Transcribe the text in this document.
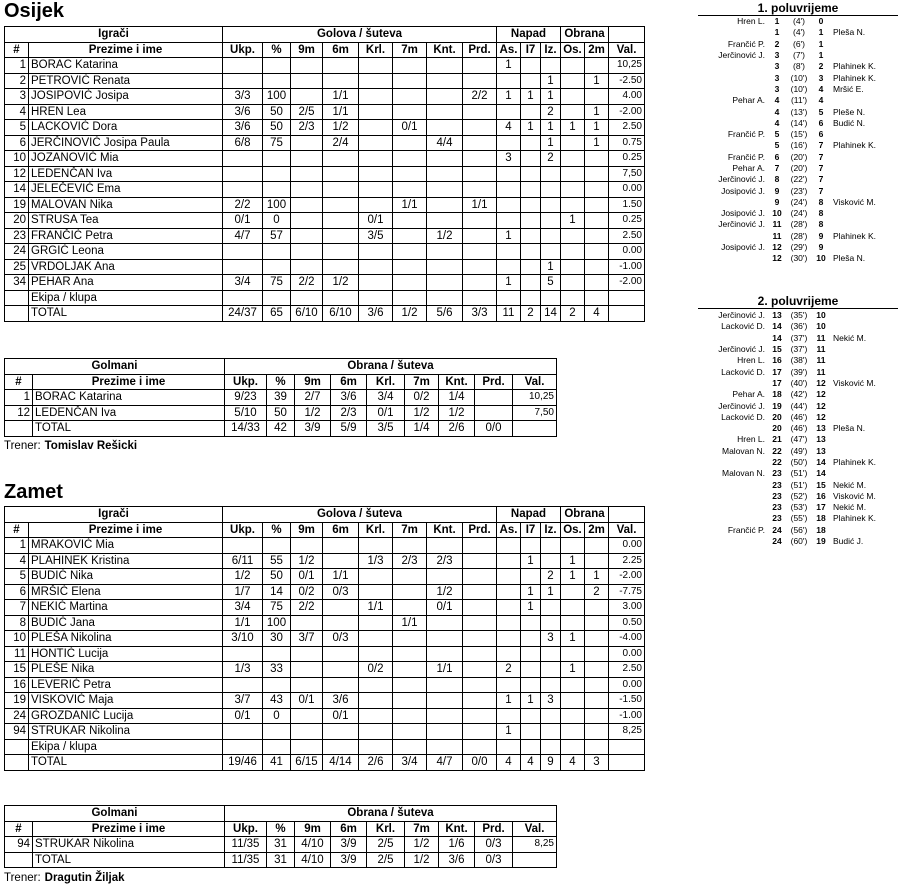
Osijek
Igrači		Golova / šuteva								Napad			Obrana		
#	Prezime i ime	Ukp.	%	9m	6m	Krl.	7m	Knt.	Prd.	As.	I7	Iz.	Os.	2m	Val.
1	BORAC Katarina									1					10,25
2	PETROVIĆ Renata											1		1	-2.50
3	JOSIPOVIĆ Josipa	3/3	100		1/1				2/2	1	1	1			4.00
4	HREN Lea	3/6	50	2/5	1/1							2		1	-2.00
5	LACKOVIĆ Dora	3/6	50	2/3	1/2		0/1			4	1	1	1	1	2.50
6	JERČINOVIĆ Josipa Paula	6/8	75		2/4			4/4				1		1	0.75
10	JOZANOVIĆ Mia									3		2			0.25
12	LEDENČAN Iva														7,50
14	JELEČEVIĆ Ema														0.00
19	MALOVAN Nika	2/2	100				1/1		1/1						1.50
20	STRUSA Tea	0/1	0			0/1							1		0.25
23	FRANČIĆ Petra	4/7	57			3/5		1/2		1					2.50
24	GRGIĆ Leona														0.00
25	VRDOLJAK Ana											1			-1.00
34	PEHAR Ana	3/4	75	2/2	1/2					1		5			-2.00
	Ekipa / klupa														
	TOTAL	24/37	65	6/10	6/10	3/6	1/2	5/6	3/3	11	2	14	2	4	
Golmani		Obrana / šuteva								
#	Prezime i ime	Ukp.	%	9m	6m	Krl.	7m	Knt.	Prd.	Val.
1	BORAC Katarina	9/23	39	2/7	3/6	3/4	0/2	1/4		10,25
12	LEDENČAN Iva	5/10	50	1/2	2/3	0/1	1/2	1/2		7,50
	TOTAL	14/33	42	3/9	5/9	3/5	1/4	2/6	0/0	
Trener: Tomislav Rešicki
Zamet
Igrači		Golova / šuteva								Napad			Obrana		
#	Prezime i ime	Ukp.	%	9m	6m	Krl.	7m	Knt.	Prd.	As.	I7	Iz.	Os.	2m	Val.
1	MRAKOVIĆ Mia														0.00
4	PLAHINEK Kristina	6/11	55	1/2		1/3	2/3	2/3			1		1		2.25
5	BUDIĆ Nika	1/2	50	0/1	1/1							2	1	1	-2.00
6	MRŠIĆ Elena	1/7	14	0/2	0/3			1/2			1	1		2	-7.75
7	NEKIĆ Martina	3/4	75	2/2		1/1		0/1			1				3.00
8	BUDIĆ Jana	1/1	100				1/1								0.50
10	PLEŠA Nikolina	3/10	30	3/7	0/3							3	1		-4.00
11	HONTIĆ Lucija														0.00
15	PLEŠE Nika	1/3	33			0/2		1/1		2			1		2.50
16	LEVERIĆ Petra														0.00
19	VISKOVIĆ Maja	3/7	43	0/1	3/6					1	1	3			-1.50
24	GROZDANIĆ Lucija	0/1	0		0/1										-1.00
94	STRUKAR Nikolina									1					8,25
	Ekipa / klupa														
	TOTAL	19/46	41	6/15	4/14	2/6	3/4	4/7	0/0	4	4	9	4	3	
Golmani		Obrana / šuteva								
#	Prezime i ime	Ukp.	%	9m	6m	Krl.	7m	Knt.	Prd.	Val.
94	STRUKAR Nikolina	11/35	31	4/10	3/9	2/5	1/2	1/6	0/3	8,25
	TOTAL	11/35	31	4/10	3/9	2/5	1/2	3/6	0/3	
Trener: Dragutin Žiljak
1. poluvrijeme
Hren L.	1	(4')	0	
	1	(4')	1	Pleša N.
Frančić P.	2	(6')	1	
Jerčinović J.	3	(7')	1	
	3	(8')	2	Plahinek K.
	3	(10')	3	Plahinek K.
	3	(10')	4	Mršić E.
Pehar A.	4	(11')	4	
	4	(13')	5	Pleše N.
	4	(14')	6	Budić N.
Frančić P.	5	(15')	6	
	5	(16')	7	Plahinek K.
Frančić P.	6	(20')	7	
Pehar A.	7	(20')	7	
Jerčinović J.	8	(22')	7	
Josipović J.	9	(23')	7	
	9	(24')	8	Visković M.
Josipović J.	10	(24')	8	
Jerčinović J.	11	(28')	8	
	11	(28')	9	Plahinek K.
Josipović J.	12	(29')	9	
	12	(30')	10	Pleša N.
2. poluvrijeme
Jerčinović J.	13	(35')	10	
Lacković D.	14	(36')	10	
	14	(37')	11	Nekić M.
Jerčinović J.	15	(37')	11	
Hren L.	16	(38')	11	
Lacković D.	17	(39')	11	
	17	(40')	12	Visković M.
Pehar A.	18	(42')	12	
Jerčinović J.	19	(44')	12	
Lacković D.	20	(46')	12	
	20	(46')	13	Pleša N.
Hren L.	21	(47')	13	
Malovan N.	22	(49')	13	
	22	(50')	14	Plahinek K.
Malovan N.	23	(51')	14	
	23	(51')	15	Nekić M.
	23	(52')	16	Visković M.
	23	(53')	17	Nekić M.
	23	(55')	18	Plahinek K.
Frančić P.	24	(56')	18	
	24	(60')	19	Budić J.
